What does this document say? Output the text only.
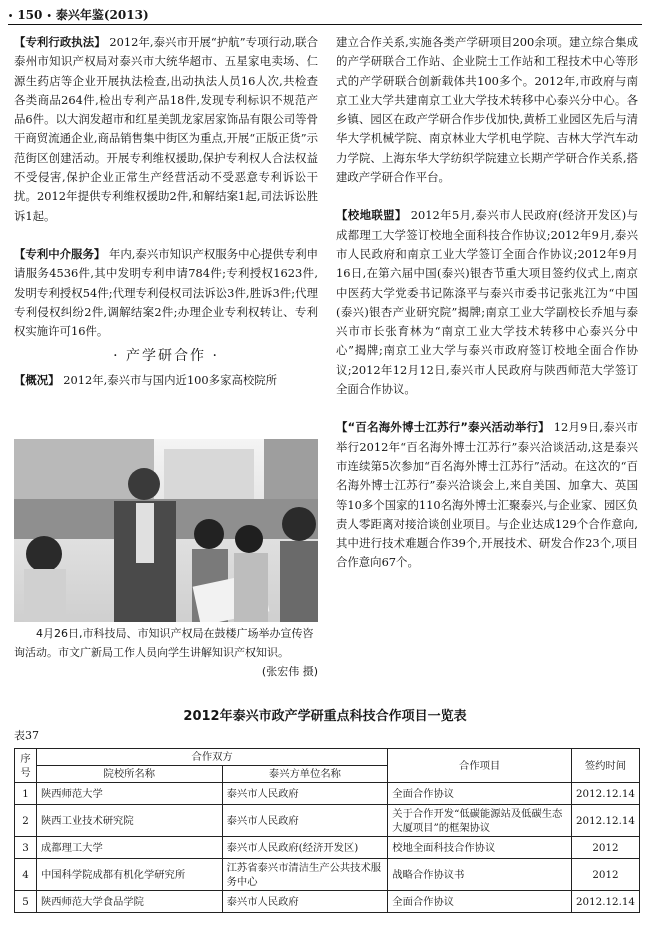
• 150 • 泰兴年鉴(2013)

【专利行政执法】 2012年,泰兴市开展“护航”专项行动,联合泰州市知识产权局对泰兴市大统华超市、五星家电卖场、仁源生药店等企业开展执法检查,出动执法人员16人次,共检查各类商品264件,检出专利产品18件,发现专利标识不规范产品6件。以大润发超市和红星美凯龙家居家饰品有限公司等骨干商贸流通企业,商品销售集中街区为重点,开展“正版正货”示范街区创建活动。开展专利维权援助,保护专利权人合法权益不受侵害,保护企业正常生产经营活动不受恶意专利诉讼干扰。2012年提供专利维权援助2件,和解结案1起,司法诉讼胜诉1起。

【专利中介服务】 年内,泰兴市知识产权服务中心提供专利申请服务4536件,其中发明专利申请784件;专利授权1623件,发明专利授权54件;代理专利侵权司法诉讼3件,胜诉3件;代理专利侵权纠纷2件,调解结案2件;办理企业专利权转让、专利权实施许可16件。

· 产学研合作 ·

【概况】 2012年,泰兴市与国内近100多家高校院所

4月26日,市科技局、市知识产权局在鼓楼广场举办宣传咨询活动。市文广新局工作人员向学生讲解知识产权知识。
(张宏伟 摄)

建立合作关系,实施各类产学研项目200余项。建立综合集成的产学研联合工作站、企业院士工作站和工程技术中心等形式的产学研联合创新载体共100多个。2012年,市政府与南京工业大学共建南京工业大学技术转移中心泰兴分中心。各乡镇、园区在政产学研合作步伐加快,黄桥工业园区先后与清华大学机械学院、南京林业大学机电学院、吉林大学汽车动力学院、上海东华大学纺织学院建立长期产学研合作关系,搭建政产学研合作平台。

【校地联盟】 2012年5月,泰兴市人民政府(经济开发区)与成都理工大学签订校地全面科技合作协议;2012年9月,泰兴市人民政府和南京工业大学签订全面合作协议;2012年9月16日,在第六届中国(泰兴)银杏节重大项目签约仪式上,南京中医药大学党委书记陈涤平与泰兴市委书记张兆江为“中国(泰兴)银杏产业研究院”揭牌;南京工业大学副校长乔旭与泰兴市市长张育林为“南京工业大学技术转移中心泰兴分中心”揭牌;南京工业大学与泰兴市政府签订校地全面合作协议;2012年12月12日,泰兴市人民政府与陕西师范大学签订全面合作协议。

【“百名海外博士江苏行”泰兴活动举行】 12月9日,泰兴市举行2012年“百名海外博士江苏行”泰兴洽谈活动,这是泰兴市连续第5次参加“百名海外博士江苏行”活动。在这次的“百名海外博士江苏行”泰兴洽谈会上,来自美国、加拿大、英国等10多个国家的110名海外博士汇聚泰兴,与企业家、园区负责人零距离对接洽谈创业项目。与企业达成129个合作意向,其中进行技术难题合作39个,开展技术、研发合作23个,项目合作意向67个。

2012年泰兴市政产学研重点科技合作项目一览表
表37
序号	合作双方		合作项目	签约时间
	院校所名称	泰兴方单位名称		
1	陕西师范大学	泰兴市人民政府	全面合作协议	2012.12.14
2	陕西工业技术研究院	泰兴市人民政府	关于合作开发“低碳能源站及低碳生态大厦项目”的框架协议	2012.12.14
3	成都理工大学	泰兴市人民政府(经济开发区)	校地全面科技合作协议	2012
4	中国科学院成都有机化学研究所	江苏省泰兴市清洁生产公共技术服务中心	战略合作协议书	2012
5	陕西师范大学食品学院	泰兴市人民政府	全面合作协议	2012.12.14
